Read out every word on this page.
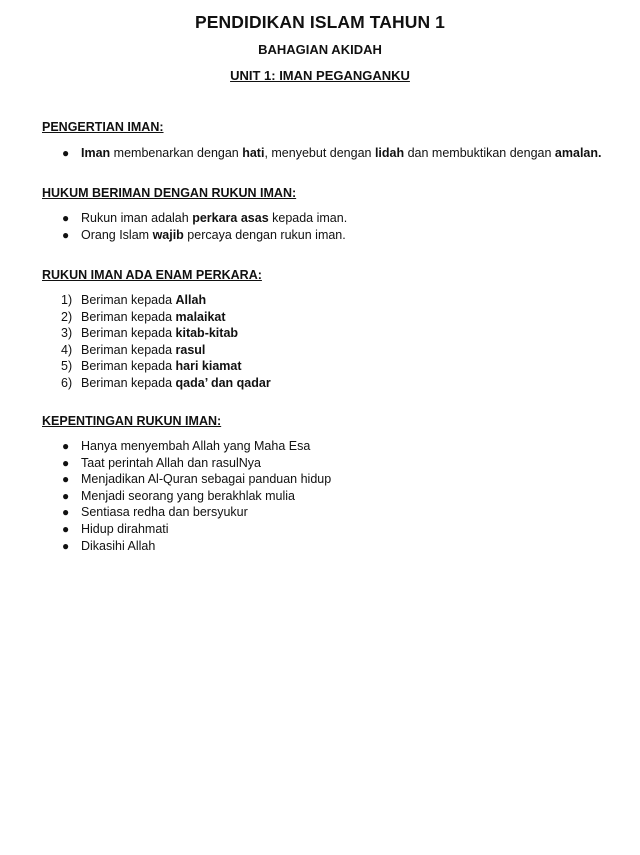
PENDIDIKAN ISLAM TAHUN 1
BAHAGIAN AKIDAH
UNIT 1: IMAN PEGANGANKU
PENGERTIAN IMAN:
● Iman membenarkan dengan hati, menyebut dengan lidah dan membuktikan dengan amalan.
HUKUM BERIMAN DENGAN RUKUN IMAN:
● Rukun iman adalah perkara asas kepada iman.
● Orang Islam wajib percaya dengan rukun iman.
RUKUN IMAN ADA ENAM PERKARA:
1) Beriman kepada Allah
2) Beriman kepada malaikat
3) Beriman kepada kitab-kitab
4) Beriman kepada rasul
5) Beriman kepada hari kiamat
6) Beriman kepada qada’ dan qadar
KEPENTINGAN RUKUN IMAN:
● Hanya menyembah Allah yang Maha Esa
● Taat perintah Allah dan rasulNya
● Menjadikan Al-Quran sebagai panduan hidup
● Menjadi seorang yang berakhlak mulia
● Sentiasa redha dan bersyukur
● Hidup dirahmati
● Dikasihi Allah
